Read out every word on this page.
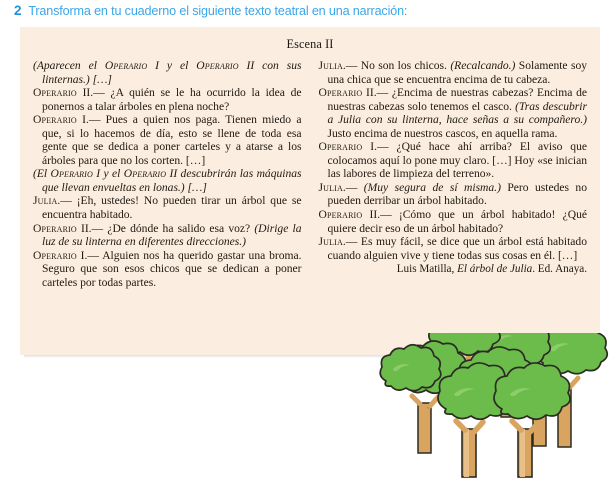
2 Transforma en tu cuaderno el siguiente texto teatral en una narración:
Escena II

(Aparecen el Operario I y el Operario II con sus linternas.) […]

Operario II.— ¿A quién se le ha ocurrido la idea de ponernos a talar árboles en plena noche?

Operario I.— Pues a quien nos paga. Tienen miedo a que, si lo hacemos de día, esto se llene de toda esa gente que se dedica a poner carteles y a atarse a los árboles para que no los corten. […]

(El Operario I y el Operario II descubrirán las máquinas que llevan envueltas en lonas.) […]

Julia.— ¡Eh, ustedes! No pueden tirar un árbol que se encuentra habitado.

Operario II.— ¿De dónde ha salido esa voz? (Dirige la luz de su linterna en diferentes direcciones.)

Operario I.— Alguien nos ha querido gastar una broma. Seguro que son esos chicos que se dedican a poner carteles por todas partes.

Julia.— No son los chicos. (Recalcando.) Solamente soy una chica que se encuentra encima de tu cabeza.

Operario II.— ¿Encima de nuestras cabezas? Encima de nuestras cabezas solo tenemos el casco. (Tras descubrir a Julia con su linterna, hace señas a su compañero.) Justo encima de nuestros cascos, en aquella rama.

Operario I.— ¿Qué hace ahí arriba? El aviso que colocamos aquí lo pone muy claro. […] Hoy «se inician las labores de limpieza del terreno».

Julia.— (Muy segura de sí misma.) Pero ustedes no pueden derribar un árbol habitado.

Operario II.— ¡Cómo que un árbol habitado! ¿Qué quiere decir eso de un árbol habitado?

Julia.— Es muy fácil, se dice que un árbol está habitado cuando alguien vive y tiene todas sus cosas en él. […]

Luis Matilla, El árbol de Julia. Ed. Anaya.
